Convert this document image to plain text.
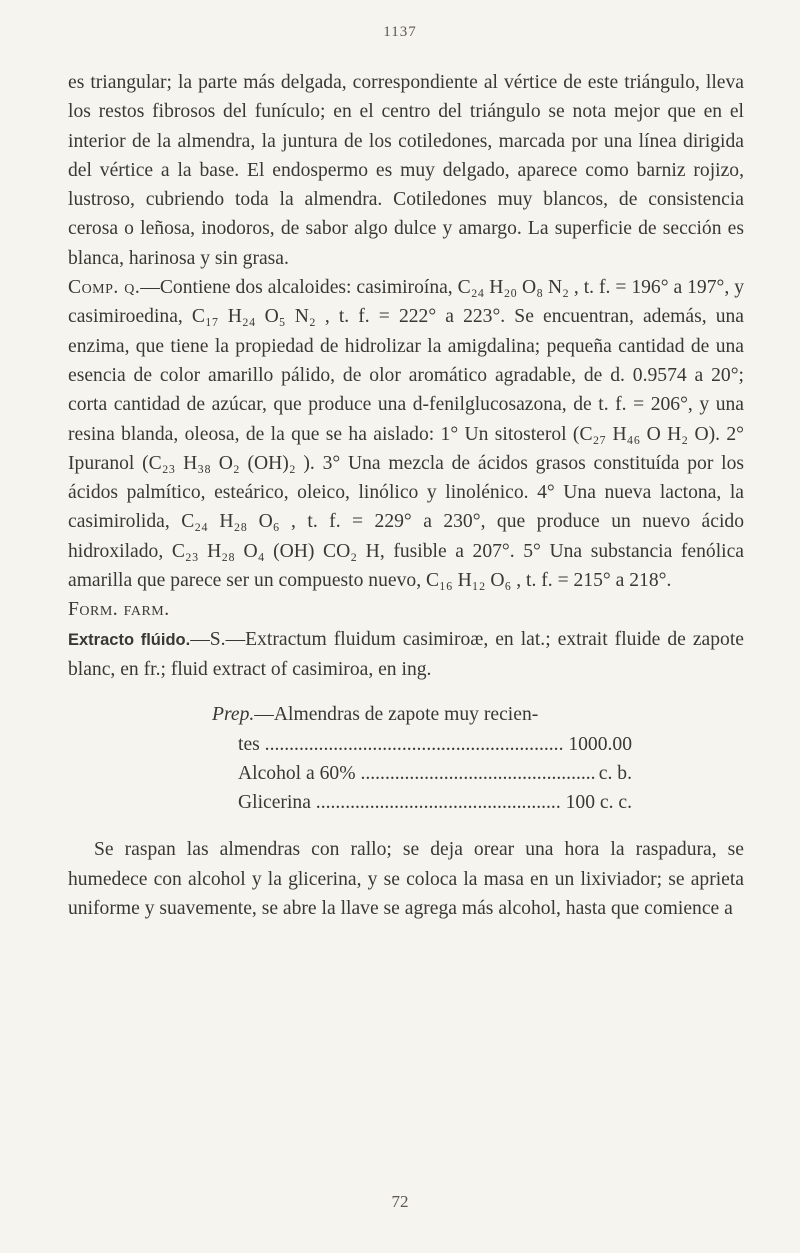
1137

es triangular; la parte más delgada, correspondiente al vértice de este triángulo, lleva los restos fibrosos del funículo; en el centro del triángulo se nota mejor que en el interior de la almendra, la juntura de los cotiledones, marcada por una línea dirigida del vértice a la base. El endospermo es muy delgado, aparece como barniz rojizo, lustroso, cubriendo toda la almendra. Cotiledones muy blancos, de consistencia cerosa o leñosa, inodoros, de sabor algo dulce y amargo. La superficie de sección es blanca, harinosa y sin grasa.

Comp. q.—Contiene dos alcaloides: casimiroína, C₂₄ H₂₀ O₈ N₂ , t. f. = 196° a 197°, y casimiroedina, C₁₇ H₂₄ O₅ N₂ , t. f. = 222° a 223°. Se encuentran, además, una enzima, que tiene la propiedad de hidrolizar la amigdalina; pequeña cantidad de una esencia de color amarillo pálido, de olor aromático agradable, de d. 0.9574 a 20°; corta cantidad de azúcar, que produce una d-fenilglucosazona, de t. f. = 206°, y una resina blanda, oleosa, de la que se ha aislado: 1° Un sitosterol (C₂₇ H₄₆ O H₂ O). 2° Ipuranol (C₂₃ H₃₈ O₂ (OH)₂ ). 3° Una mezcla de ácidos grasos constituída por los ácidos palmítico, esteárico, oleico, linólico y linolénico. 4° Una nueva lactona, la casimirolida, C₂₄ H₂₈ O₆ , t. f. = 229° a 230°, que produce un nuevo ácido hidroxilado, C₂₃ H₂₈ O₄ (OH) CO₂ H, fusible a 207°. 5° Una substancia fenólica amarilla que parece ser un compuesto nuevo, C₁₆ H₁₂ O₆ , t. f. = 215° a 218°.

Form. farm.

Extracto flúido.—S.—Extractum fluidum casimiroæ, en lat.; extrait fluide de zapote blanc, en fr.; fluid extract of casimiroa, en ing.

Prep.—Almendras de zapote muy recien-
tes .....	1000.00
Alcohol a 60% .....	c. b.
Glicerina .....	100 c. c.

Se raspan las almendras con rallo; se deja orear una hora la raspadura, se humedece con alcohol y la glicerina, y se coloca la masa en un lixiviador; se aprieta uniforme y suavemente, se abre la llave se agrega más alcohol, hasta que comience a

72
